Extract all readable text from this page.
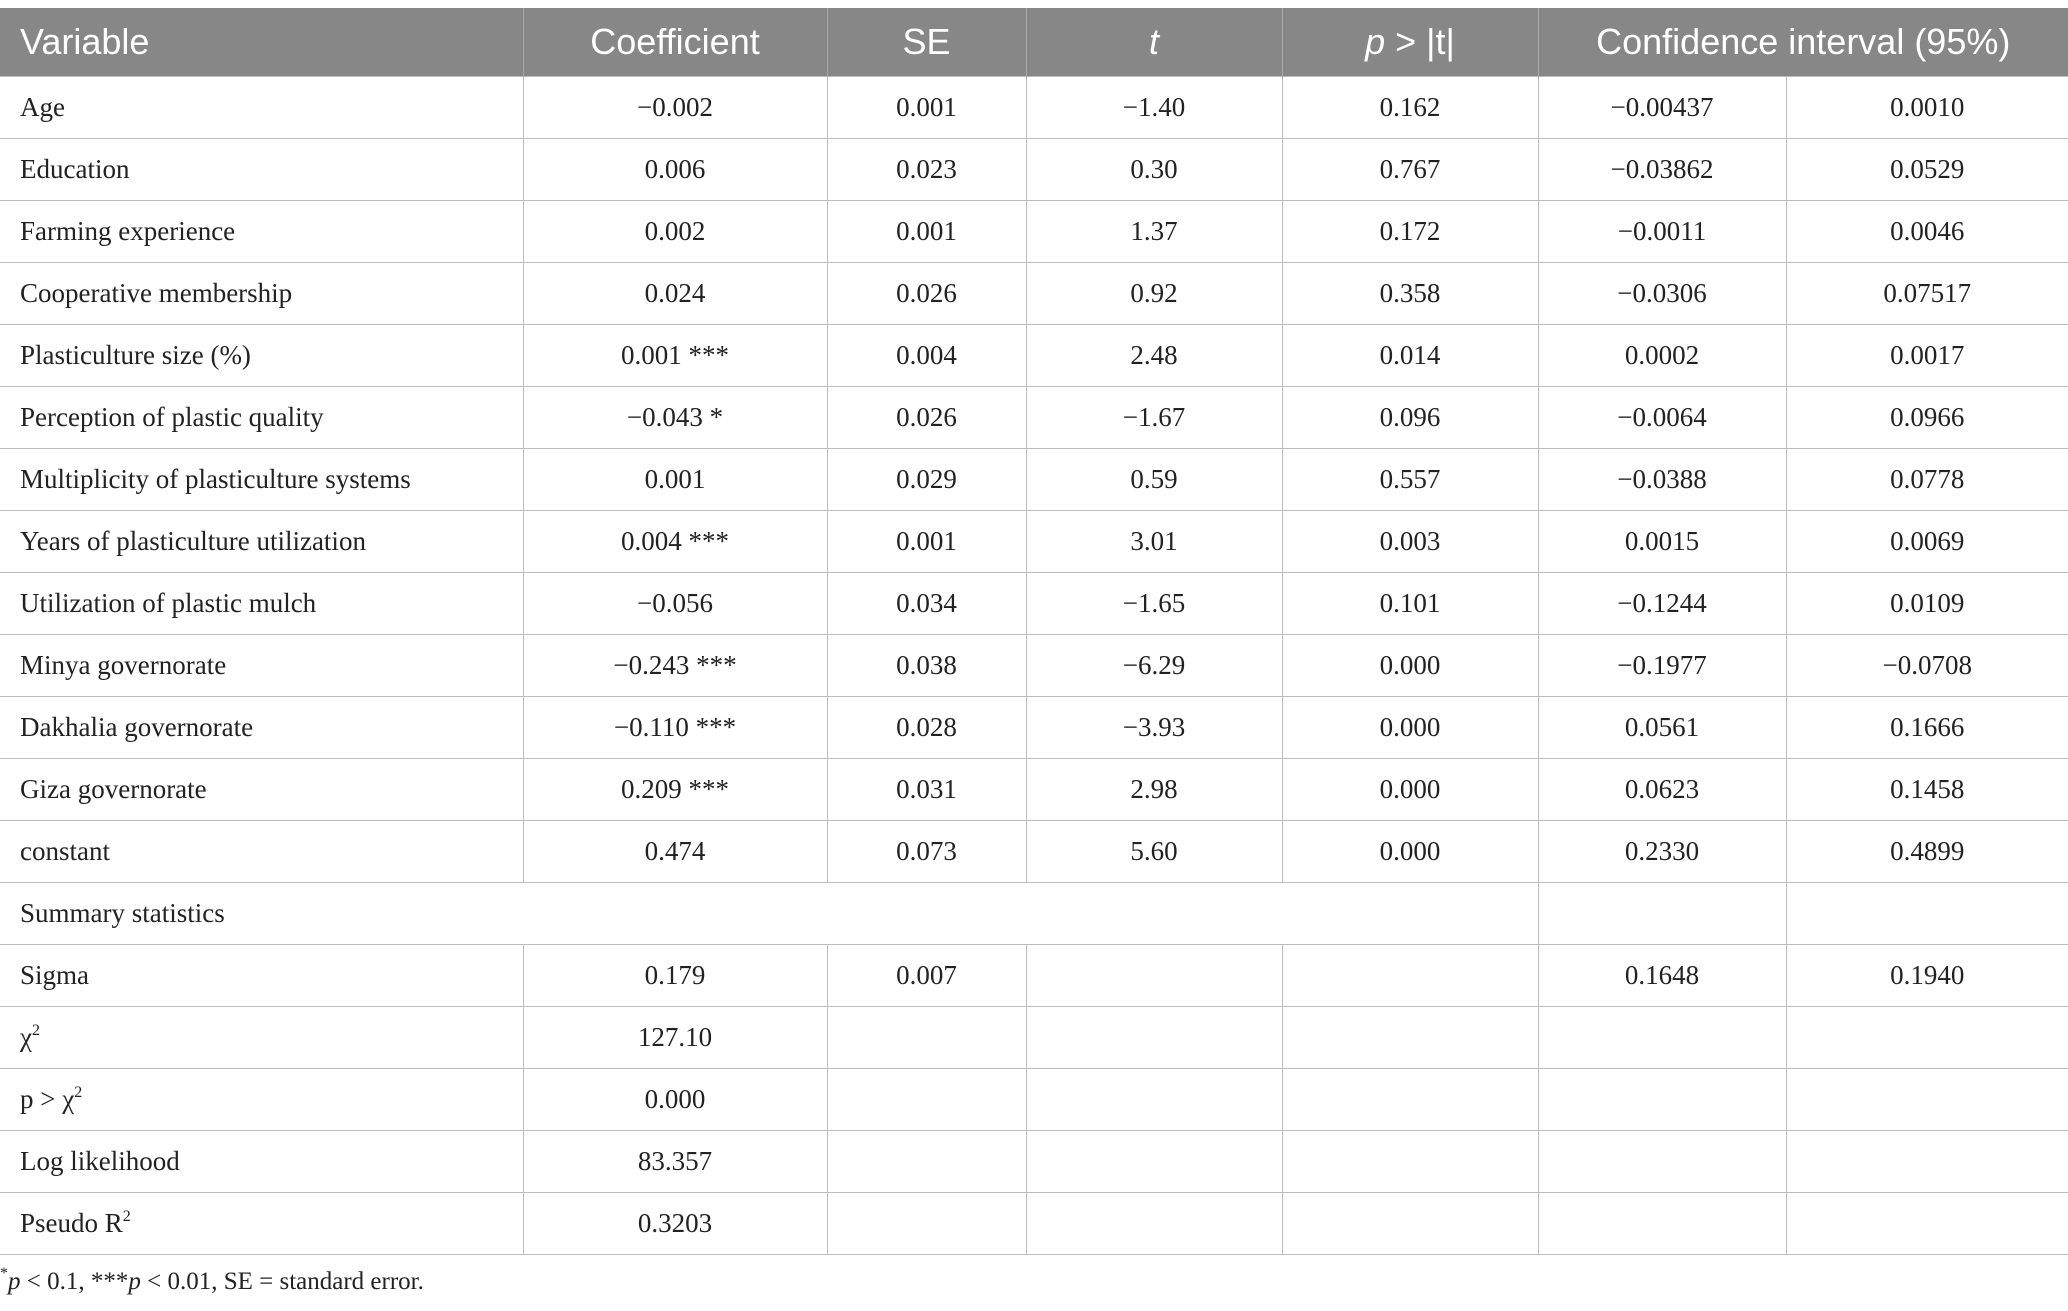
Variable	Coefficient	SE	t	p > |t|	Confidence interval (95%)	
Age	−0.002	0.001	−1.40	0.162	−0.00437	0.0010
Education	0.006	0.023	0.30	0.767	−0.03862	0.0529
Farming experience	0.002	0.001	1.37	0.172	−0.0011	0.0046
Cooperative membership	0.024	0.026	0.92	0.358	−0.0306	0.07517
Plasticulture size (%)	0.001 ***	0.004	2.48	0.014	0.0002	0.0017
Perception of plastic quality	−0.043 *	0.026	−1.67	0.096	−0.0064	0.0966
Multiplicity of plasticulture systems	0.001	0.029	0.59	0.557	−0.0388	0.0778
Years of plasticulture utilization	0.004 ***	0.001	3.01	0.003	0.0015	0.0069
Utilization of plastic mulch	−0.056	0.034	−1.65	0.101	−0.1244	0.0109
Minya governorate	−0.243 ***	0.038	−6.29	0.000	−0.1977	−0.0708
Dakhalia governorate	−0.110 ***	0.028	−3.93	0.000	0.0561	0.1666
Giza governorate	0.209 ***	0.031	2.98	0.000	0.0623	0.1458
constant	0.474	0.073	5.60	0.000	0.2330	0.4899
Summary statistics						
Sigma	0.179	0.007			0.1648	0.1940
$\chi^2$	127.10					
$p > \chi^2$	0.000					
Log likelihood	83.357					
Pseudo $R^2$	0.3203					
*p < 0.1, ***p < 0.01, SE = standard error.
